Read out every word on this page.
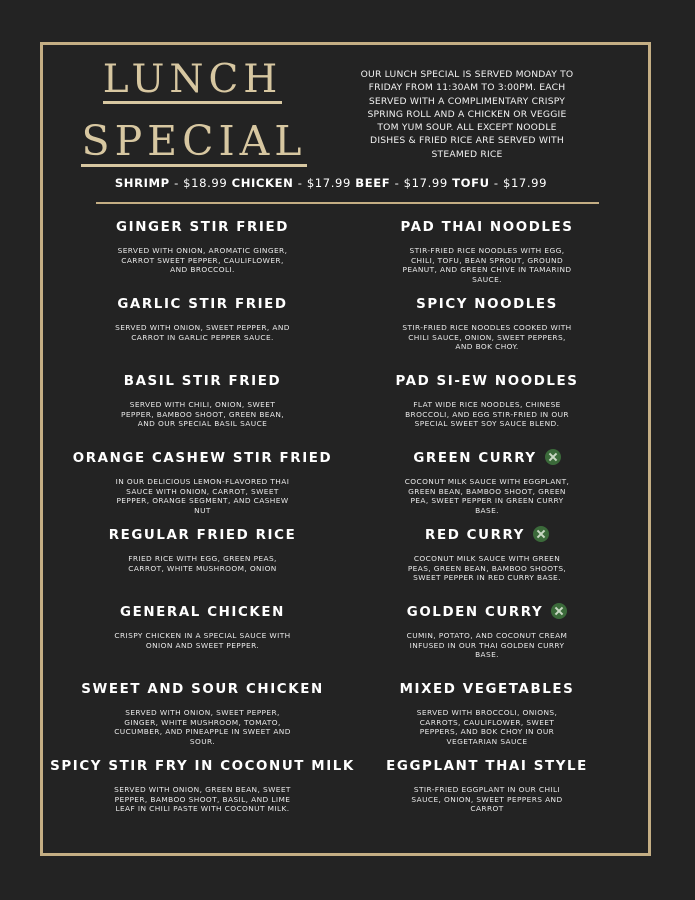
LUNCH
SPECIAL
OUR LUNCH SPECIAL IS SERVED MONDAY TO FRIDAY FROM 11:30AM TO 3:00PM. EACH SERVED WITH A COMPLIMENTARY CRISPY SPRING ROLL AND A CHICKEN OR VEGGIE TOM YUM SOUP. ALL EXCEPT NOODLE DISHES & FRIED RICE ARE SERVED WITH STEAMED RICE
SHRIMP - $18.99 CHICKEN - $17.99 BEEF - $17.99 TOFU - $17.99
GINGER STIR FRIED
SERVED WITH ONION, AROMATIC GINGER, CARROT SWEET PEPPER, CAULIFLOWER, AND BROCCOLI.
GARLIC STIR FRIED
SERVED WITH ONION, SWEET PEPPER, AND CARROT IN GARLIC PEPPER SAUCE.
BASIL STIR FRIED
SERVED WITH CHILI, ONION, SWEET PEPPER, BAMBOO SHOOT, GREEN BEAN, AND OUR SPECIAL BASIL SAUCE
ORANGE CASHEW STIR FRIED
IN OUR DELICIOUS LEMON-FLAVORED THAI SAUCE WITH ONION, CARROT, SWEET PEPPER, ORANGE SEGMENT, AND CASHEW NUT
REGULAR FRIED RICE
FRIED RICE WITH EGG, GREEN PEAS, CARROT, WHITE MUSHROOM, ONION
GENERAL CHICKEN
CRISPY CHICKEN IN A SPECIAL SAUCE WITH ONION AND SWEET PEPPER.
SWEET AND SOUR CHICKEN
SERVED WITH ONION, SWEET PEPPER, GINGER, WHITE MUSHROOM, TOMATO, CUCUMBER, AND PINEAPPLE IN SWEET AND SOUR.
SPICY STIR FRY IN COCONUT MILK
SERVED WITH ONION, GREEN BEAN, SWEET PEPPER, BAMBOO SHOOT, BASIL, AND LIME LEAF IN CHILI PASTE WITH COCONUT MILK.
PAD THAI NOODLES
STIR-FRIED RICE NOODLES WITH EGG, CHILI, TOFU, BEAN SPROUT, GROUND PEANUT, AND GREEN CHIVE IN TAMARIND SAUCE.
SPICY NOODLES
STIR-FRIED RICE NOODLES COOKED WITH CHILI SAUCE, ONION, SWEET PEPPERS, AND BOK CHOY.
PAD SI-EW NOODLES
FLAT WIDE RICE NOODLES, CHINESE BROCCOLI, AND EGG STIR-FRIED IN OUR SPECIAL SWEET SOY SAUCE BLEND.
GREEN CURRY
COCONUT MILK SAUCE WITH EGGPLANT, GREEN BEAN, BAMBOO SHOOT, GREEN PEA, SWEET PEPPER IN GREEN CURRY BASE.
RED CURRY
COCONUT MILK SAUCE WITH GREEN PEAS, GREEN BEAN, BAMBOO SHOOTS, SWEET PEPPER IN RED CURRY BASE.
GOLDEN CURRY
CUMIN, POTATO, AND COCONUT CREAM INFUSED IN OUR THAI GOLDEN CURRY BASE.
MIXED VEGETABLES
SERVED WITH BROCCOLI, ONIONS, CARROTS, CAULIFLOWER, SWEET PEPPERS, AND BOK CHOY IN OUR VEGETARIAN SAUCE
EGGPLANT THAI STYLE
STIR-FRIED EGGPLANT IN OUR CHILI SAUCE, ONION, SWEET PEPPERS AND CARROT
